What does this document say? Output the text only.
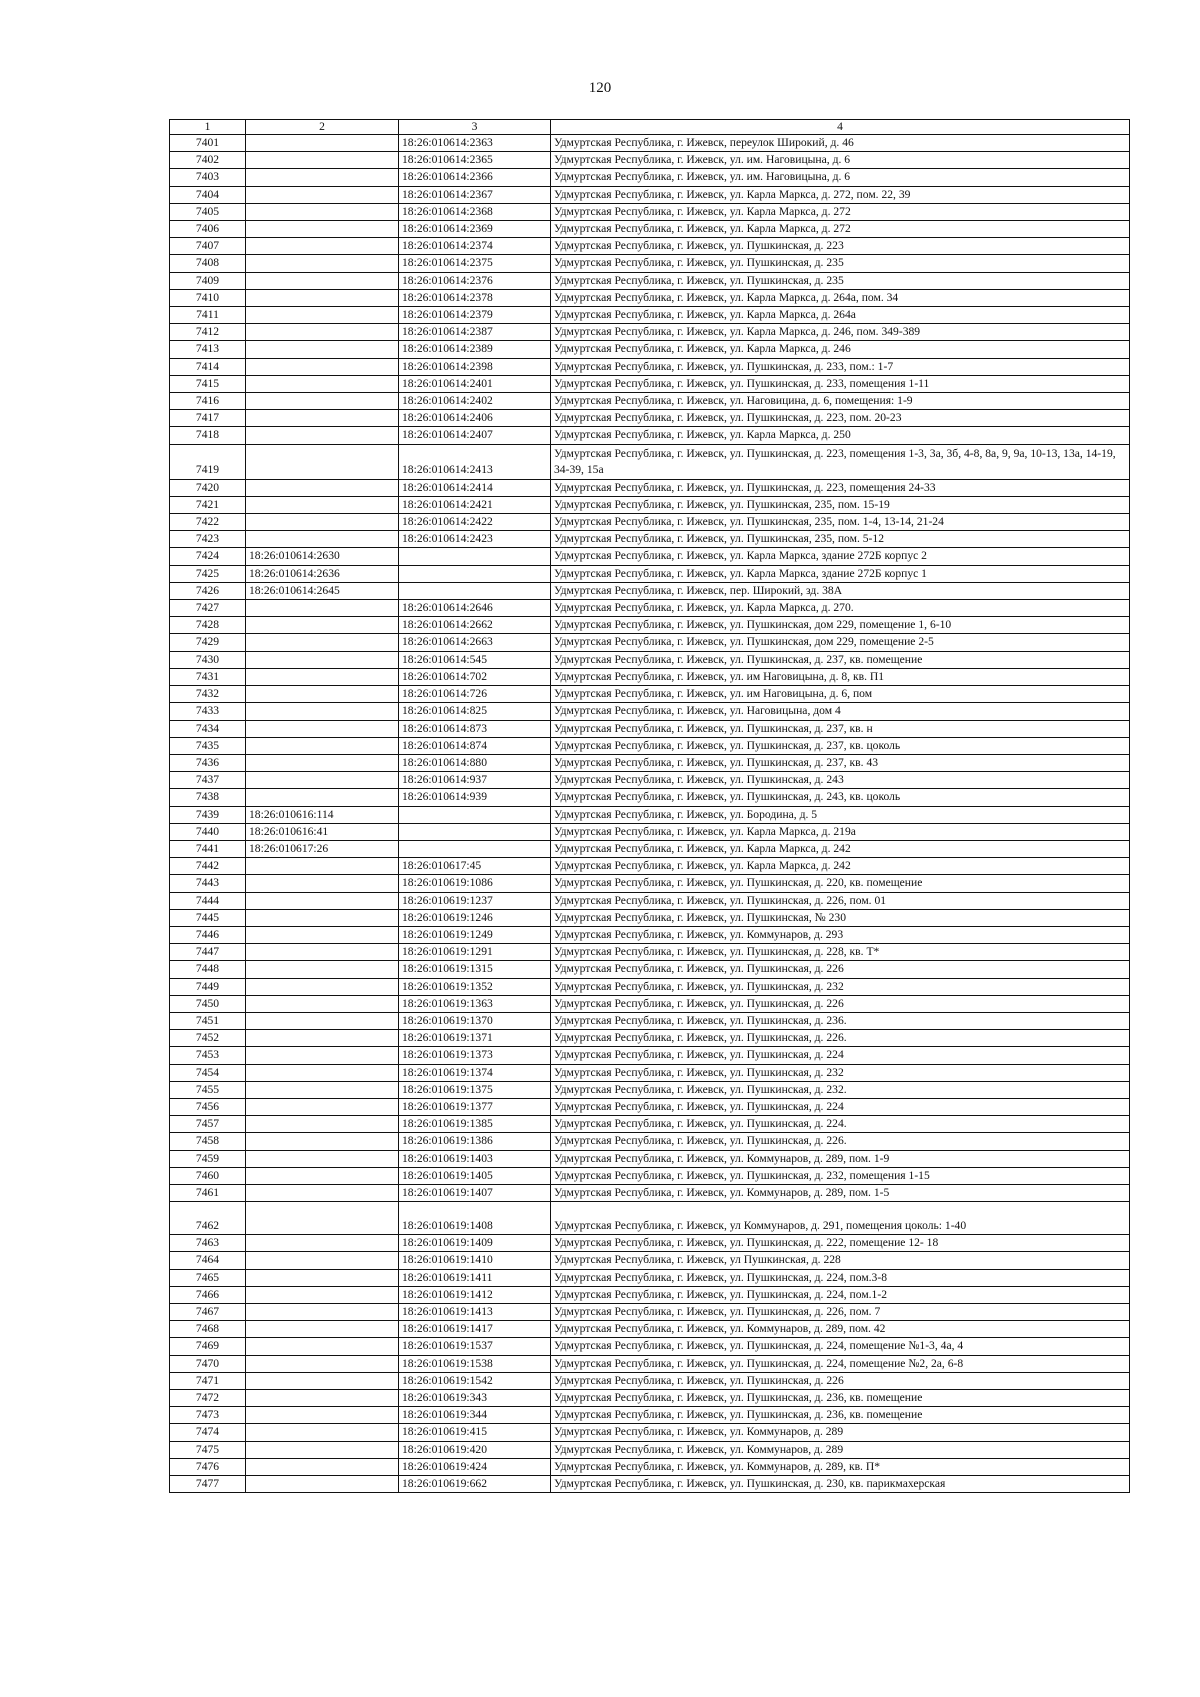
120
1	2	3	4
7401		18:26:010614:2363	Удмуртская Республика, г. Ижевск, переулок Широкий, д. 46
7402		18:26:010614:2365	Удмуртская Республика, г. Ижевск, ул. им. Наговицына, д. 6
7403		18:26:010614:2366	Удмуртская Республика, г. Ижевск, ул. им. Наговицына, д. 6
7404		18:26:010614:2367	Удмуртская Республика, г. Ижевск, ул. Карла Маркса, д. 272, пом. 22, 39
7405		18:26:010614:2368	Удмуртская Республика, г. Ижевск, ул. Карла Маркса, д. 272
7406		18:26:010614:2369	Удмуртская Республика, г. Ижевск, ул. Карла Маркса, д. 272
7407		18:26:010614:2374	Удмуртская Республика, г. Ижевск, ул. Пушкинская, д. 223
7408		18:26:010614:2375	Удмуртская Республика, г. Ижевск, ул. Пушкинская, д. 235
7409		18:26:010614:2376	Удмуртская Республика, г. Ижевск, ул. Пушкинская, д. 235
7410		18:26:010614:2378	Удмуртская Республика, г. Ижевск, ул. Карла Маркса, д. 264а, пом. 34
7411		18:26:010614:2379	Удмуртская Республика, г. Ижевск, ул. Карла Маркса, д. 264а
7412		18:26:010614:2387	Удмуртская Республика, г. Ижевск, ул. Карла Маркса, д. 246, пом. 349-389
7413		18:26:010614:2389	Удмуртская Республика, г. Ижевск, ул. Карла Маркса, д. 246
7414		18:26:010614:2398	Удмуртская Республика, г. Ижевск, ул. Пушкинская, д. 233, пом.: 1-7
7415		18:26:010614:2401	Удмуртская Республика, г. Ижевск, ул. Пушкинская, д. 233, помещения 1-11
7416		18:26:010614:2402	Удмуртская Республика, г. Ижевск, ул. Наговицина, д. 6, помещения: 1-9
7417		18:26:010614:2406	Удмуртская Республика, г. Ижевск, ул. Пушкинская, д. 223, пом. 20-23
7418		18:26:010614:2407	Удмуртская Республика, г. Ижевск, ул. Карла Маркса, д. 250
7419		18:26:010614:2413	Удмуртская Республика, г. Ижевск, ул. Пушкинская, д. 223, помещения 1-3, 3а, 3б, 4-8, 8а, 9, 9а, 10-13, 13а, 14-19, 34-39, 15а
7420		18:26:010614:2414	Удмуртская Республика, г. Ижевск, ул. Пушкинская, д. 223, помещения 24-33
7421		18:26:010614:2421	Удмуртская Республика, г. Ижевск, ул. Пушкинская, 235, пом. 15-19
7422		18:26:010614:2422	Удмуртская Республика, г. Ижевск, ул. Пушкинская, 235, пом. 1-4, 13-14, 21-24
7423		18:26:010614:2423	Удмуртская Республика, г. Ижевск, ул. Пушкинская, 235, пом. 5-12
7424	18:26:010614:2630		Удмуртская Республика, г. Ижевск, ул. Карла Маркса, здание 272Б корпус 2
7425	18:26:010614:2636		Удмуртская Республика, г. Ижевск, ул. Карла Маркса, здание 272Б корпус 1
7426	18:26:010614:2645		Удмуртская Республика, г. Ижевск, пер. Широкий, зд. 38А
7427		18:26:010614:2646	Удмуртская Республика, г. Ижевск, ул. Карла Маркса, д. 270.
7428		18:26:010614:2662	Удмуртская Республика, г. Ижевск, ул. Пушкинская, дом 229, помещение 1, 6-10
7429		18:26:010614:2663	Удмуртская Республика, г. Ижевск, ул. Пушкинская, дом 229, помещение 2-5
7430		18:26:010614:545	Удмуртская Республика, г. Ижевск, ул. Пушкинская, д. 237, кв. помещение
7431		18:26:010614:702	Удмуртская Республика, г. Ижевск, ул. им Наговицына, д. 8, кв. П1
7432		18:26:010614:726	Удмуртская Республика, г. Ижевск, ул. им Наговицына, д. 6, пом
7433		18:26:010614:825	Удмуртская Республика, г. Ижевск, ул. Наговицына, дом 4
7434		18:26:010614:873	Удмуртская Республика, г. Ижевск, ул. Пушкинская, д. 237, кв. н
7435		18:26:010614:874	Удмуртская Республика, г. Ижевск, ул. Пушкинская, д. 237, кв. цоколь
7436		18:26:010614:880	Удмуртская Республика, г. Ижевск, ул. Пушкинская, д. 237, кв. 43
7437		18:26:010614:937	Удмуртская Республика, г. Ижевск, ул. Пушкинская, д. 243
7438		18:26:010614:939	Удмуртская Республика, г. Ижевск, ул. Пушкинская, д. 243, кв. цоколь
7439	18:26:010616:114		Удмуртская Республика, г. Ижевск, ул. Бородина, д. 5
7440	18:26:010616:41		Удмуртская Республика, г. Ижевск, ул. Карла Маркса, д. 219а
7441	18:26:010617:26		Удмуртская Республика, г. Ижевск, ул. Карла Маркса, д. 242
7442		18:26:010617:45	Удмуртская Республика, г. Ижевск, ул. Карла Маркса, д. 242
7443		18:26:010619:1086	Удмуртская Республика, г. Ижевск, ул. Пушкинская, д. 220, кв. помещение
7444		18:26:010619:1237	Удмуртская Республика, г. Ижевск, ул. Пушкинская, д. 226, пом. 01
7445		18:26:010619:1246	Удмуртская Республика, г. Ижевск, ул. Пушкинская, № 230
7446		18:26:010619:1249	Удмуртская Республика, г. Ижевск, ул. Коммунаров, д. 293
7447		18:26:010619:1291	Удмуртская Республика, г. Ижевск, ул. Пушкинская, д. 228, кв. Т*
7448		18:26:010619:1315	Удмуртская Республика, г. Ижевск, ул. Пушкинская, д. 226
7449		18:26:010619:1352	Удмуртская Республика, г. Ижевск, ул. Пушкинская, д. 232
7450		18:26:010619:1363	Удмуртская Республика, г. Ижевск, ул. Пушкинская, д. 226
7451		18:26:010619:1370	Удмуртская Республика, г. Ижевск, ул. Пушкинская, д. 236.
7452		18:26:010619:1371	Удмуртская Республика, г. Ижевск, ул. Пушкинская, д. 226.
7453		18:26:010619:1373	Удмуртская Республика, г. Ижевск, ул. Пушкинская, д. 224
7454		18:26:010619:1374	Удмуртская Республика, г. Ижевск, ул. Пушкинская, д. 232
7455		18:26:010619:1375	Удмуртская Республика, г. Ижевск, ул. Пушкинская, д. 232.
7456		18:26:010619:1377	Удмуртская Республика, г. Ижевск, ул. Пушкинская, д. 224
7457		18:26:010619:1385	Удмуртская Республика, г. Ижевск, ул. Пушкинская, д. 224.
7458		18:26:010619:1386	Удмуртская Республика, г. Ижевск, ул. Пушкинская, д. 226.
7459		18:26:010619:1403	Удмуртская Республика, г. Ижевск, ул. Коммунаров, д. 289, пом. 1-9
7460		18:26:010619:1405	Удмуртская Республика, г. Ижевск, ул. Пушкинская, д. 232, помещения 1-15
7461		18:26:010619:1407	Удмуртская Республика, г. Ижевск, ул. Коммунаров, д. 289, пом. 1-5
7462		18:26:010619:1408	Удмуртская Республика, г. Ижевск, ул Коммунаров, д. 291, помещения цоколь: 1-40
7463		18:26:010619:1409	Удмуртская Республика, г. Ижевск, ул. Пушкинская, д. 222, помещение 12- 18
7464		18:26:010619:1410	Удмуртская Республика, г. Ижевск, ул Пушкинская, д. 228
7465		18:26:010619:1411	Удмуртская Республика, г. Ижевск, ул. Пушкинская, д. 224, пом.3-8
7466		18:26:010619:1412	Удмуртская Республика, г. Ижевск, ул. Пушкинская, д. 224, пом.1-2
7467		18:26:010619:1413	Удмуртская Республика, г. Ижевск, ул. Пушкинская, д. 226, пом. 7
7468		18:26:010619:1417	Удмуртская Республика, г. Ижевск, ул. Коммунаров, д. 289, пом. 42
7469		18:26:010619:1537	Удмуртская Республика, г. Ижевск, ул. Пушкинская, д. 224, помещение №1-3, 4а, 4
7470		18:26:010619:1538	Удмуртская Республика, г. Ижевск, ул. Пушкинская, д. 224, помещение №2, 2а, 6-8
7471		18:26:010619:1542	Удмуртская Республика, г. Ижевск, ул. Пушкинская, д. 226
7472		18:26:010619:343	Удмуртская Республика, г. Ижевск, ул. Пушкинская, д. 236, кв. помещение
7473		18:26:010619:344	Удмуртская Республика, г. Ижевск, ул. Пушкинская, д. 236, кв. помещение
7474		18:26:010619:415	Удмуртская Республика, г. Ижевск, ул. Коммунаров, д. 289
7475		18:26:010619:420	Удмуртская Республика, г. Ижевск, ул. Коммунаров, д. 289
7476		18:26:010619:424	Удмуртская Республика, г. Ижевск, ул. Коммунаров, д. 289, кв. П*
7477		18:26:010619:662	Удмуртская Республика, г. Ижевск, ул. Пушкинская, д. 230, кв. парикмахерская
